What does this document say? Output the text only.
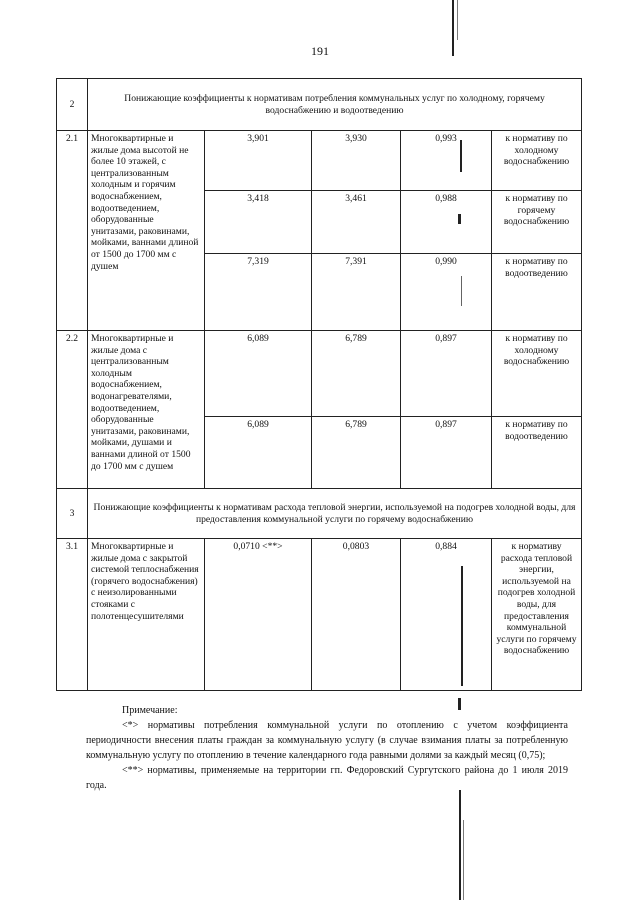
191
2	Понижающие коэффициенты к нормативам потребления коммунальных услуг по холодному, горячему водоснабжению и водоотведению				
2.1	Многоквартирные и жилые дома высотой не более 10 этажей, с централизованным холодным и горячим водоснабжением, водоотведением, оборудованные унитазами, раковинами, мойками, ваннами длиной от 1500 до 1700 мм с душем	3,901	3,930	0,993	к нормативу по холодному водоснабжению
		3,418	3,461	0,988	к нормативу по горячему водоснабжению
		7,319	7,391	0,990	к нормативу по водоотведению
2.2	Многоквартирные и жилые дома с централизованным холодным водоснабжением, водонагревателями, водоотведением, оборудованные унитазами, раковинами, мойками, душами и ваннами длиной от 1500 до 1700 мм с душем	6,089	6,789	0,897	к нормативу по холодному водоснабжению
		6,089	6,789	0,897	к нормативу по водоотведению
3	Понижающие коэффициенты к нормативам расхода тепловой энергии, используемой на подогрев холодной воды, для предоставления коммунальной услуги по горячему водоснабжению				
3.1	Многоквартирные и жилые дома с закрытой системой теплоснабжения (горячего водоснабжения) с неизолированными стояками с полотенцесушителями	0,0710 <**>	0,0803	0,884	к нормативу расхода тепловой энергии, используемой на подогрев холодной воды, для предоставления коммунальной услуги по горячему водоснабжению

Примечание:

<*> нормативы потребления коммунальной услуги по отоплению с учетом коэффициента периодичности внесения платы граждан за коммунальную услугу (в случае взимания платы за потребленную коммунальную услугу по отоплению в течение календарного года равными долями за каждый месяц (0,75);

<**> нормативы, применяемые на территории гп. Федоровский Сургутского района до 1 июля 2019 года.
